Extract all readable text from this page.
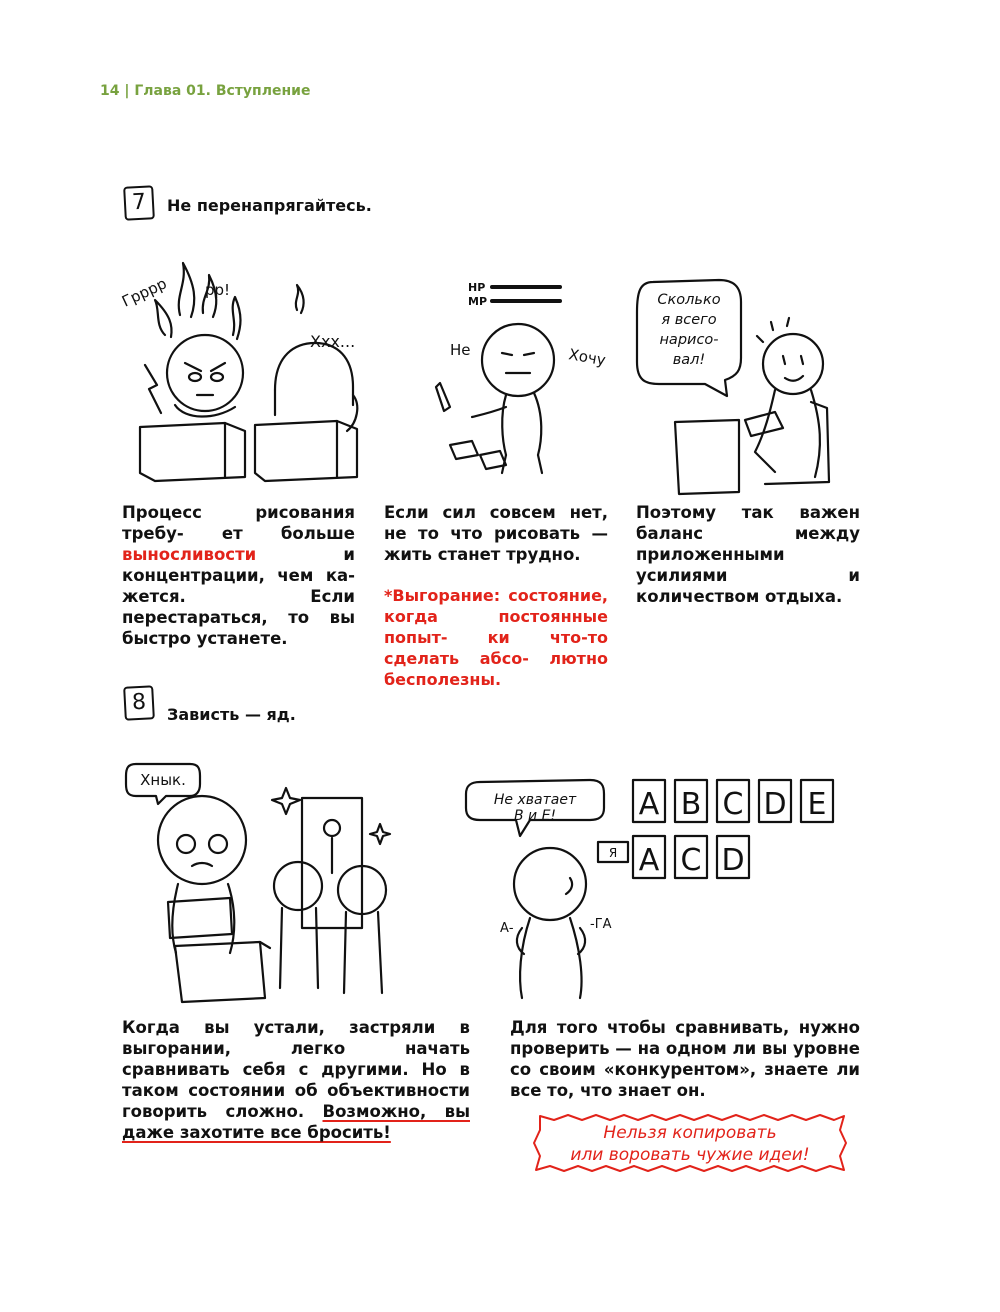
14 | Глава 01. Вступление
7	Не перенапрягайтесь.
Грррр рр!
Ххх...
HP
MP
Не	Хочу
Сколько
я всего
нарисо-
вал!

Процесс рисования требу- ет больше выносливости и концентрации, чем ка- жется. Если перестараться, то вы быстро устанете.

Если сил совсем нет, не то что рисовать — жить станет трудно.

*Выгорание: состояние, когда постоянные попыт- ки что-то сделать абсо- лютно бесполезны.

Поэтому так важен баланс между приложенными усилиями и количеством отдыха.

8	Зависть — яд.
Хнык.
Не хватает
В и Е!
Я
А-	-ГА
A B C D E
A C D

Когда вы устали, застряли в выгорании, легко начать сравнивать себя с другими. Но в таком состоянии об объективности говорить сложно. Возможно, вы даже захотите все бросить!

Для того чтобы сравнивать, нужно проверить — на одном ли вы уровне со своим «конкурентом», знаете ли все то, что знает он.

Нельзя копировать
или воровать чужие идеи!
